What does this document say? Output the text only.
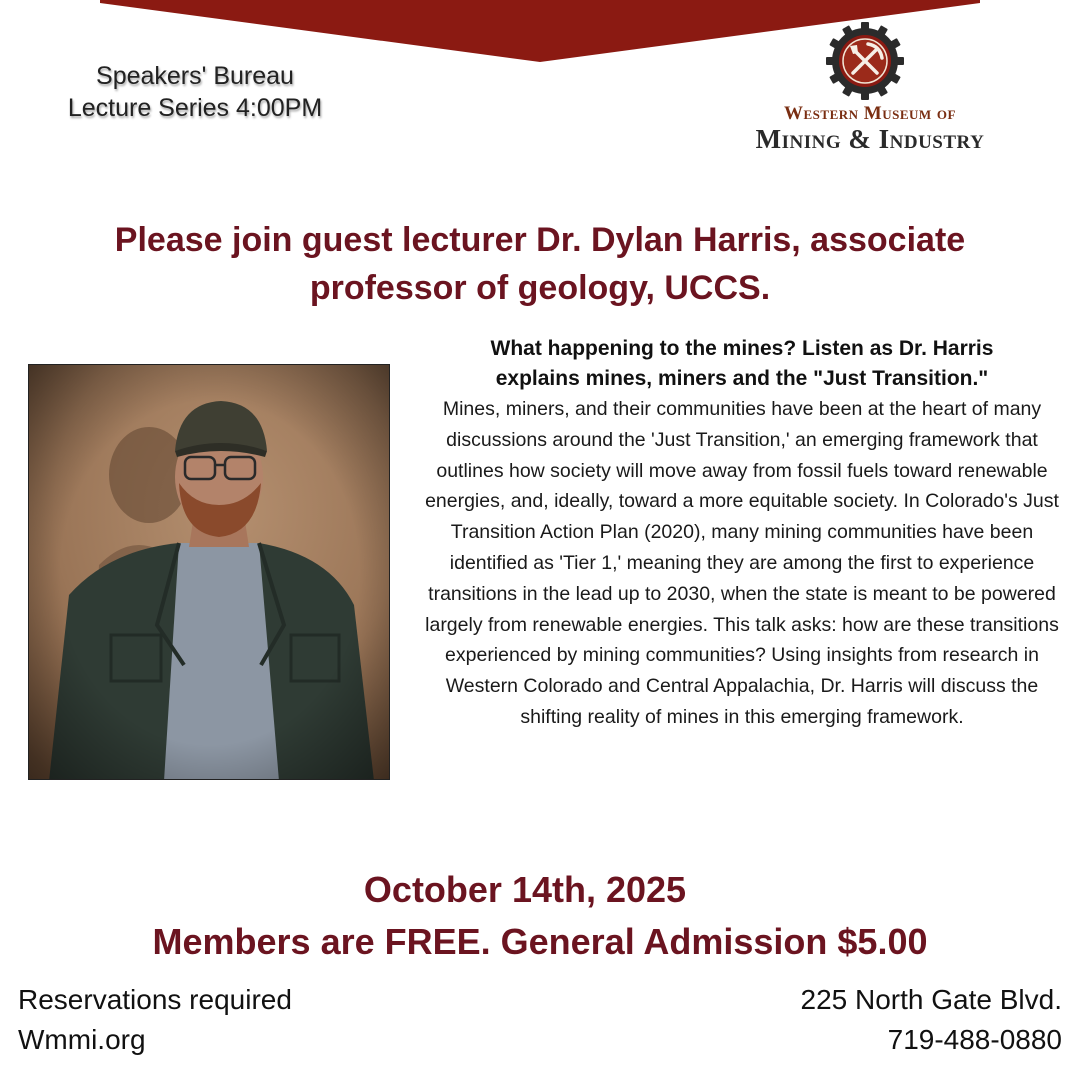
Speakers' Bureau
Lecture Series 4:00PM	Western Museum of
Mining & Industry
Please join guest lecturer Dr. Dylan Harris, associate
professor of geology, UCCS.
What happening to the mines? Listen as Dr. Harris
explains mines, miners and the "Just Transition."
Mines, miners, and their communities have been at the heart of many discussions around the 'Just Transition,' an emerging framework that outlines how society will move away from fossil fuels toward renewable energies, and, ideally, toward a more equitable society. In Colorado's Just Transition Action Plan (2020), many mining communities have been identified as 'Tier 1,' meaning they are among the first to experience transitions in the lead up to 2030, when the state is meant to be powered largely from renewable energies. This talk asks: how are these transitions experienced by mining communities? Using insights from research in Western Colorado and Central Appalachia, Dr. Harris will discuss the shifting reality of mines in this emerging framework.
October 14th, 2025
Members are FREE. General Admission $5.00
Reservations required
Wmmi.org
225 North Gate Blvd.
719-488-0880
